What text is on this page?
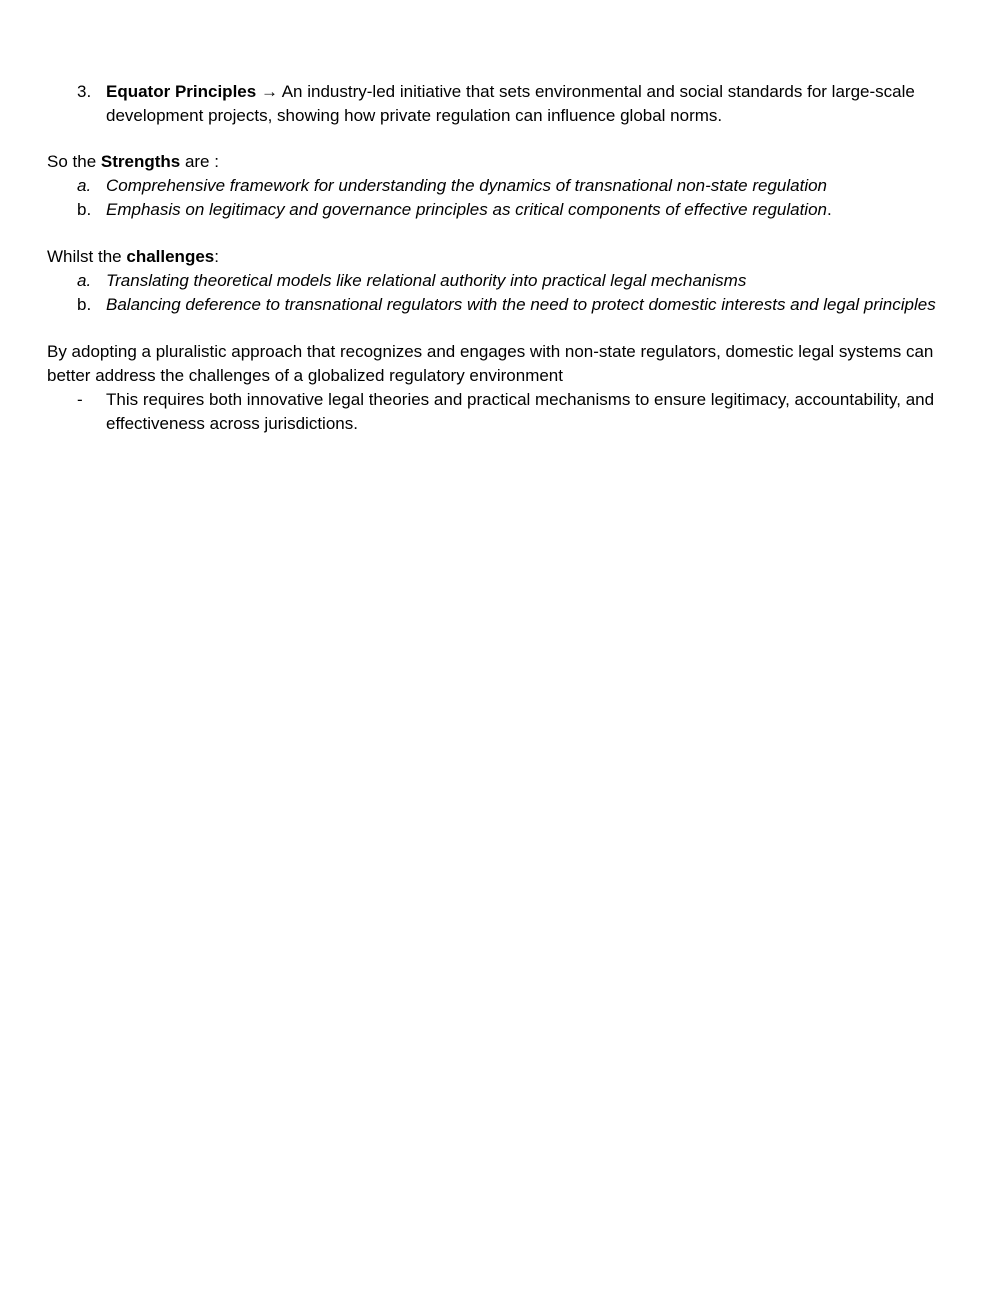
3. Equator Principles → An industry-led initiative that sets environmental and social standards for large-scale development projects, showing how private regulation can influence global norms.

So the Strengths are :

a. Comprehensive framework for understanding the dynamics of transnational non-state regulation
b. Emphasis on legitimacy and governance principles as critical components of effective regulation.

Whilst the challenges:

a. Translating theoretical models like relational authority into practical legal mechanisms
b. Balancing deference to transnational regulators with the need to protect domestic interests and legal principles

By adopting a pluralistic approach that recognizes and engages with non-state regulators, domestic legal systems can better address the challenges of a globalized regulatory environment

-	This requires both innovative legal theories and practical mechanisms to ensure legitimacy, accountability, and effectiveness across jurisdictions.
